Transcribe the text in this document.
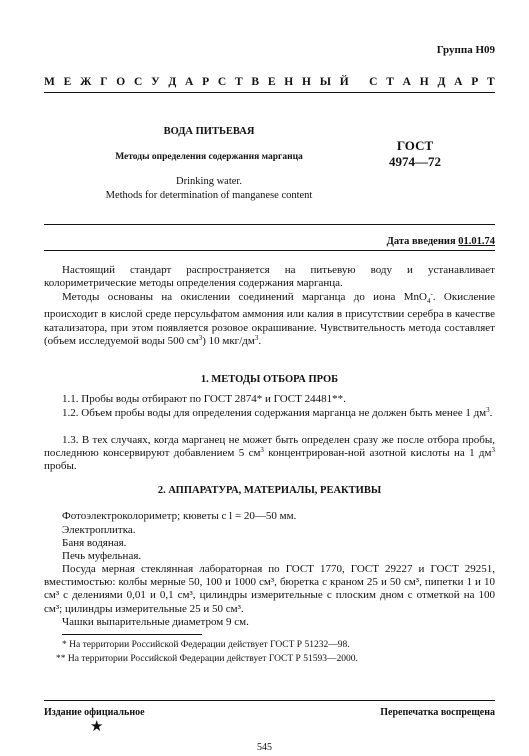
Группа Н09
М Е Ж Г О С У Д А Р С Т В Е Н Н Ы Й
С Т А Н Д А Р Т
ВОДА ПИТЬЕВАЯ
Методы определения содержания марганца
Drinking water.
Methods for determination of manganese content
ГОСТ
4974—72
Дата введения 01.01.74
Настоящий стандарт распространяется на питьевую воду и устанавливает колориметрические методы определения содержания марганца.
Методы основаны на окислении соединений марганца до иона MnO$_4$-. Окисление происходит в кислой среде персульфатом аммония или калия в присутствии серебра в качестве катализатора, при этом появляется розовое окрашивание. Чувствительность метода составляет (объем исследуемой воды 500 $см^3$) 10 мкг/$дм^3$.
1. МЕТОДЫ ОТБОРА ПРОБ
1.1. Пробы воды отбирают по ГОСТ 2874* и ГОСТ 24481**.
1.2. Объем пробы воды для определения содержания марганца не должен быть менее 1 $дм^3$.
1.3. В тех случаях, когда марганец не может быть определен сразу же после отбора пробы, последнюю консервируют добавлением 5 $см^3$ концентрирован-ной азотной кислоты на 1 $дм^3$ пробы.
2. АППАРАТУРА, МАТЕРИАЛЫ, РЕАКТИВЫ
Фотоэлектроколориметр; кюветы с l = 20—50 мм.
Электроплитка.
Баня водяная.
Печь муфельная.
Посуда мерная стеклянная лабораторная по ГОСТ 1770, ГОСТ 29227 и ГОСТ 29251, вместимостью: колбы мерные 50, 100 и 1000 см³, бюретка с краном 25 и 50 см³, пипетки 1 и 10 см³ с делениями 0,01 и 0,1 см³, цилиндры измерительные с плоским дном с отметкой на 100 см³; цилиндры измерительные 25 и 50 см³.
Чашки выпарительные диаметром 9 см.
* На территории Российской Федерации действует ГОСТ Р 51232—98.
** На территории Российской Федерации действует ГОСТ Р 51593—2000.
Издание официальное	Перепечатка воспрещена
★
545
